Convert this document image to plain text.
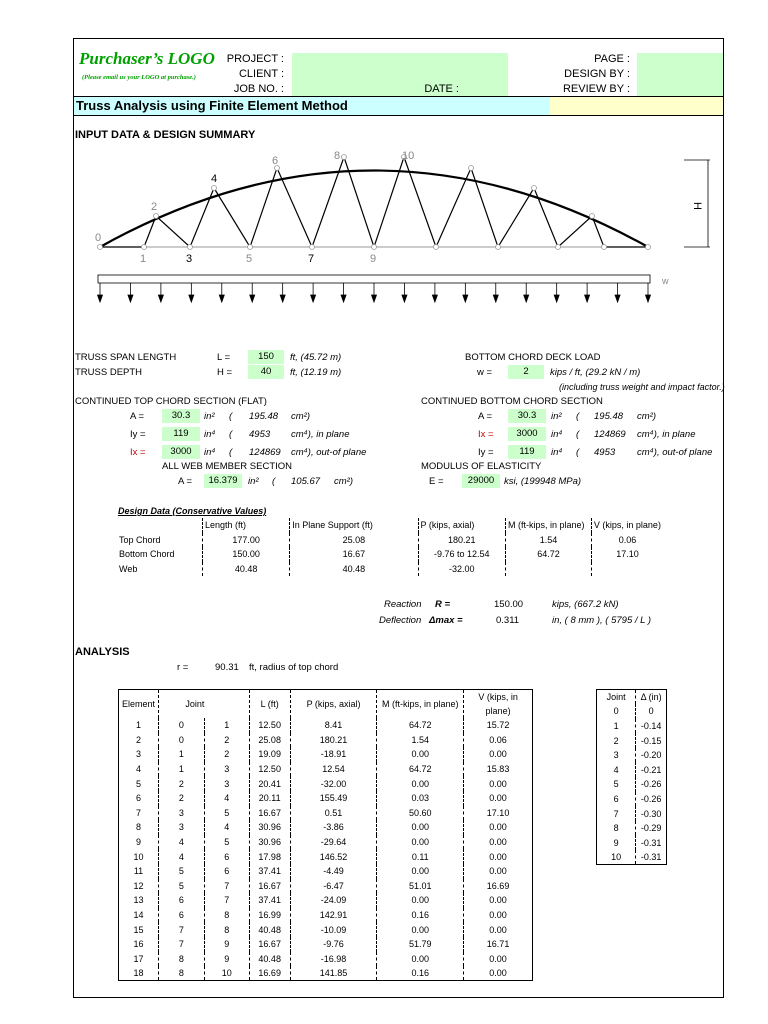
Purchaser’s LOGO
(Please email us your LOGO at purchase.)
PROJECT :
CLIENT :
JOB NO. :	DATE :
PAGE :
DESIGN BY :
REVIEW BY :
Truss Analysis using Finite Element Method
INPUT DATA & DESIGN SUMMARY
0
2
4
6	8	10
1	3	5	7	9
H
w
TRUSS SPAN LENGTH	L =	150	ft, (45.72 m)
TRUSS DEPTH	H =	40	ft, (12.19 m)
BOTTOM CHORD DECK LOAD
w =	2	kips / ft, (29.2 kN / m)
(including truss weight and impact factor.)
CONTINUED TOP CHORD SECTION (FLAT)	CONTINUED BOTTOM CHORD SECTION
A =	30.3	in² ( 195.48 cm²)
Iy =	119	in⁴ ( 4953 cm⁴), in plane
Ix =	3000	in⁴ ( 124869 cm⁴), out-of plane
A =	30.3	in² ( 195.48 cm²)
Ix =	3000	in⁴ ( 124869 cm⁴), in plane
Iy =	119	in⁴ ( 4953 cm⁴), out-of plane
ALL WEB MEMBER SECTION	MODULUS OF ELASTICITY
A =	16.379	in² ( 105.67 cm²)	E =	29000	ksi, (199948 MPa)
Design Data (Conservative Values)
	Length (ft)	In Plane Support (ft)	P (kips, axial)	M (ft-kips, in plane)	V (kips, in plane)
Top Chord	177.00	25.08	180.21	1.54	0.06
Bottom Chord	150.00	16.67	-9.76 to 12.54	64.72	17.10
Web	40.48	40.48	-32.00		
Reaction R =	150.00	kips, (667.2 kN)
Deflection Δmax =	0.311	in, ( 8 mm ), ( 5795 / L )
ANALYSIS
r =	90.31 ft, radius of top chord
Element	Joint		L (ft)	P (kips, axial)	M (ft-kips, in plane)	V (kips, in plane)
1	0	1	12.50	8.41	64.72	15.72
2	0	2	25.08	180.21	1.54	0.06
3	1	2	19.09	-18.91	0.00	0.00
4	1	3	12.50	12.54	64.72	15.83
5	2	3	20.41	-32.00	0.00	0.00
6	2	4	20.11	155.49	0.03	0.00
7	3	5	16.67	0.51	50.60	17.10
8	3	4	30.96	-3.86	0.00	0.00
9	4	5	30.96	-29.64	0.00	0.00
10	4	6	17.98	146.52	0.11	0.00
11	5	6	37.41	-4.49	0.00	0.00
12	5	7	16.67	-6.47	51.01	16.69
13	6	7	37.41	-24.09	0.00	0.00
14	6	8	16.99	142.91	0.16	0.00
15	7	8	40.48	-10.09	0.00	0.00
16	7	9	16.67	-9.76	51.79	16.71
17	8	9	40.48	-16.98	0.00	0.00
18	8	10	16.69	141.85	0.16	0.00
Joint	Δ (in)
0	0
1	-0.14
2	-0.15
3	-0.20
4	-0.21
5	-0.26
6	-0.26
7	-0.30
8	-0.29
9	-0.31
10	-0.31
